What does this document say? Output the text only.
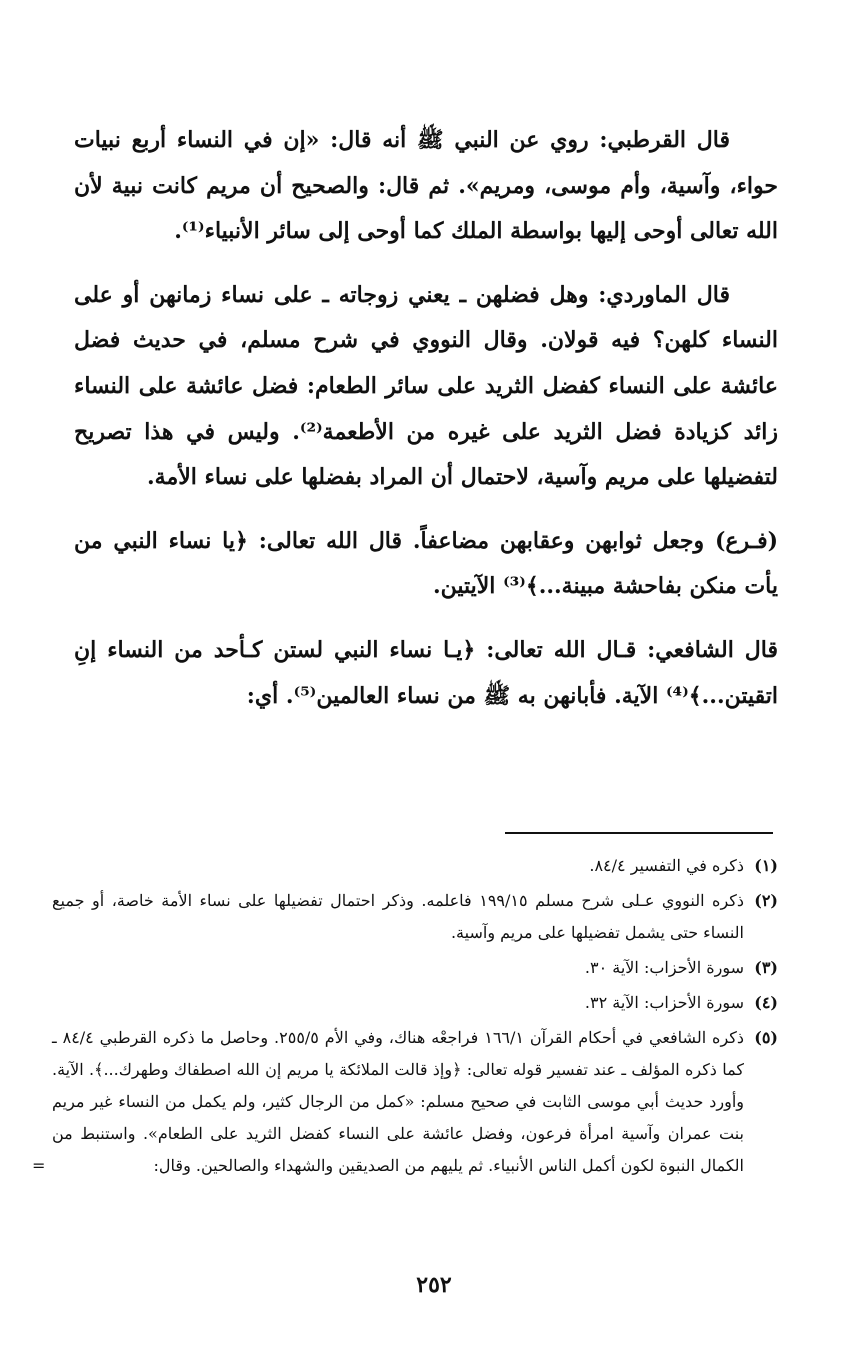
قال القرطبي: روي عن النبي ﷺ أنه قال: «إن في النساء أربع نبيات حواء، وآسية، وأم موسى، ومريم». ثم قال: والصحيح أن مريم كانت نبية لأن الله تعالى أوحى إليها بواسطة الملك كما أوحى إلى سائر الأنبياء⁽¹⁾.

قال الماوردي: وهل فضلهن ـ يعني زوجاته ـ على نساء زمانهن أو على النساء كلهن؟ فيه قولان. وقال النووي في شرح مسلم، في حديث فضل عائشة على النساء كفضل الثريد على سائر الطعام: فضل عائشة على النساء زائد كزيادة فضل الثريد على غيره من الأطعمة⁽²⁾. وليس في هذا تصريح لتفضيلها على مريم وآسية، لاحتمال أن المراد بفضلها على نساء الأمة.

(فـرع) وجعل ثوابهن وعقابهن مضاعفاً. قال الله تعالى: ﴿يا نساء النبي من يأت منكن بفاحشة مبينة...﴾⁽³⁾ الآيتين.

قال الشافعي: قـال الله تعالى: ﴿يـا نساء النبي لستن كـأحد من النساء إنِ اتقيتن...﴾⁽⁴⁾ الآية. فأبانهن به ﷺ من نساء العالمين⁽⁵⁾. أي:

(١)
ذكره في التفسير ٨٤/٤.
(٢)
ذكره النووي عـلى شرح مسلم ١٩٩/١٥ فاعلمه. وذكر احتمال تفضيلها على نساء الأمة خاصة، أو جميع النساء حتى يشمل تفضيلها على مريم وآسية.
(٣)
سورة الأحزاب: الآية ٣٠.
(٤)
سورة الأحزاب: الآية ٣٢.
(٥)
ذكره الشافعي في أحكام القرآن ١٦٦/١ فراجعْه هناك، وفي الأم ٢٥٥/٥. وحاصل ما ذكره القرطبي ٨٤/٤ ـ كما ذكره المؤلف ـ عند تفسير قوله تعالى: ﴿وإذ قالت الملائكة يا مريم إن الله اصطفاك وطهرك...﴾. الآية. وأورد حديث أبي موسى الثابت في صحيح مسلم: «كمل من الرجال كثير، ولم يكمل من النساء غير مريم بنت عمران وآسية امرأة فرعون، وفضل عائشة على النساء كفضل الثريد على الطعام». واستنبط من الكمال النبوة لكون أكمل الناس الأنبياء. ثم يليهم من الصديقين والشهداء والصالحين. وقال:
=
٢٥٢
